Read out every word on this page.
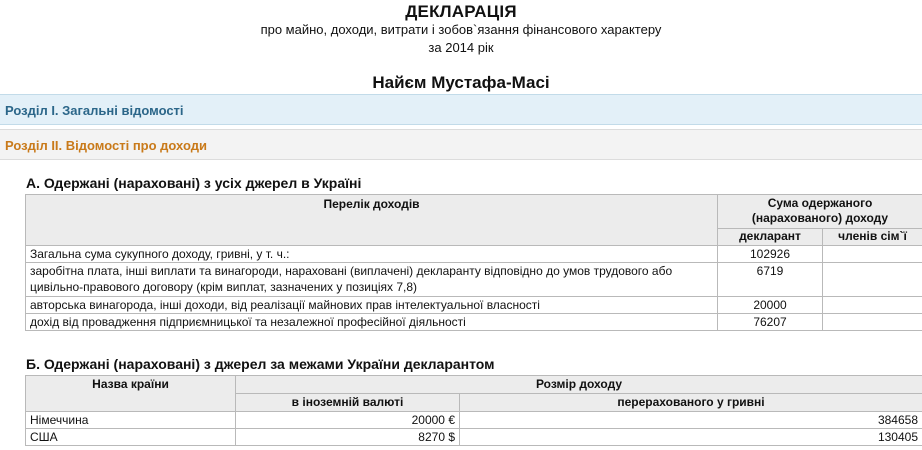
ДЕКЛАРАЦІЯ
про майно, доходи, витрати і зобов`язання фінансового характеру
за 2014 рік
Найєм Мустафа-Масі
Розділ І. Загальні відомості
Розділ ІІ. Відомості про доходи
А. Одержані (нараховані) з усіх джерел в Україні
Перелік доходів	Сума одержаного (нарахованого) доходу	
	декларант	членів сім`ї
Загальна сума сукупного доходу, гривні, у т. ч.:	102926	
заробітна плата, інші виплати та винагороди, нараховані (виплачені) декларанту відповідно до умов трудового або цивільно-правового договору (крім виплат, зазначених у позиціях 7,8)	6719	
авторська винагорода, інші доходи, від реалізації майнових прав інтелектуальної власності	20000	
дохід від провадження підприємницької та незалежної професійної діяльності	76207	
Б. Одержані (нараховані) з джерел за межами України декларантом
Назва країни	Розмір доходу	
	в іноземній валюті	перерахованого у гривні
Німеччина	20000 €	384658
США	8270 $	130405
